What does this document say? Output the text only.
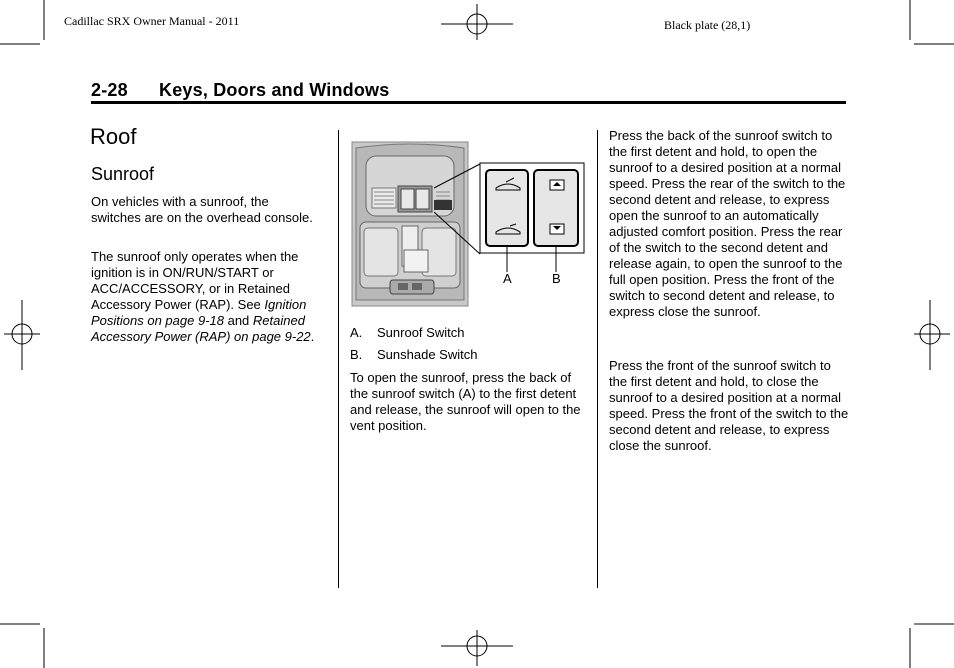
Cadillac SRX Owner Manual - 2011	Black plate (28,1)
2-28 Keys, Doors and Windows
Roof
Sunroof

On vehicles with a sunroof, the switches are on the overhead console.

The sunroof only operates when the ignition is in ON/RUN/START or ACC/ACCESSORY, or in Retained Accessory Power (RAP). See Ignition Positions on page 9-18 and Retained Accessory Power (RAP) on page 9-22.

A	B
A. Sunroof Switch
B. Sunshade Switch

To open the sunroof, press the back of the sunroof switch (A) to the first detent and release, the sunroof will open to the vent position.

Press the back of the sunroof switch to the first detent and hold, to open the sunroof to a desired position at a normal speed. Press the rear of the switch to the second detent and release, to express open the sunroof to an automatically adjusted comfort position. Press the rear of the switch to the second detent and release again, to open the sunroof to the full open position. Press the front of the switch to second detent and release, to express close the sunroof.

Press the front of the sunroof switch to the first detent and hold, to close the sunroof to a desired position at a normal speed. Press the front of the switch to the second detent and release, to express close the sunroof.
